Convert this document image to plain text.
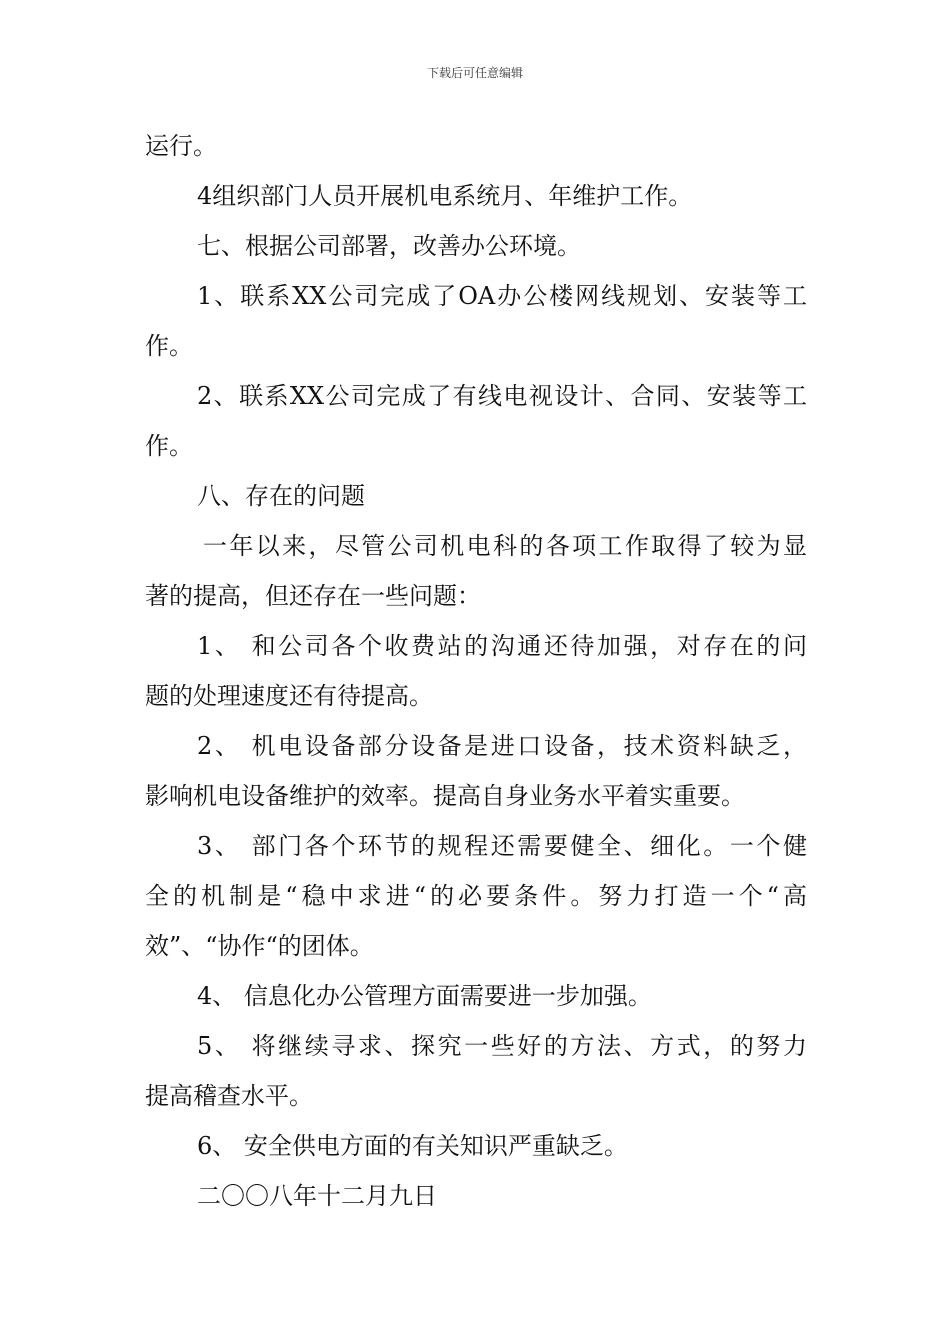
下载后可任意编辑
运行。
4组织部门人员开展机电系统月、年维护工作。
七、根据公司部署，改善办公环境。
1、联系XX公司完成了OA办公楼网线规划、安装等工
作。
2、联系XX公司完成了有线电视设计、合同、安装等工
作。
八、存在的问题
一年以来，尽管公司机电科的各项工作取得了较为显
著的提高，但还存在一些问题：
1、 和公司各个收费站的沟通还待加强，对存在的问
题的处理速度还有待提高。
2、 机电设备部分设备是进口设备，技术资料缺乏，
影响机电设备维护的效率。提高自身业务水平着实重要。
3、 部门各个环节的规程还需要健全、细化。一个健
全的机制是“稳中求进“的必要条件。努力打造一个“高
效”、“协作“的团体。
4、 信息化办公管理方面需要进一步加强。
5、 将继续寻求、探究一些好的方法、方式，的努力
提高稽查水平。
6、 安全供电方面的有关知识严重缺乏。
二〇〇八年十二月九日
